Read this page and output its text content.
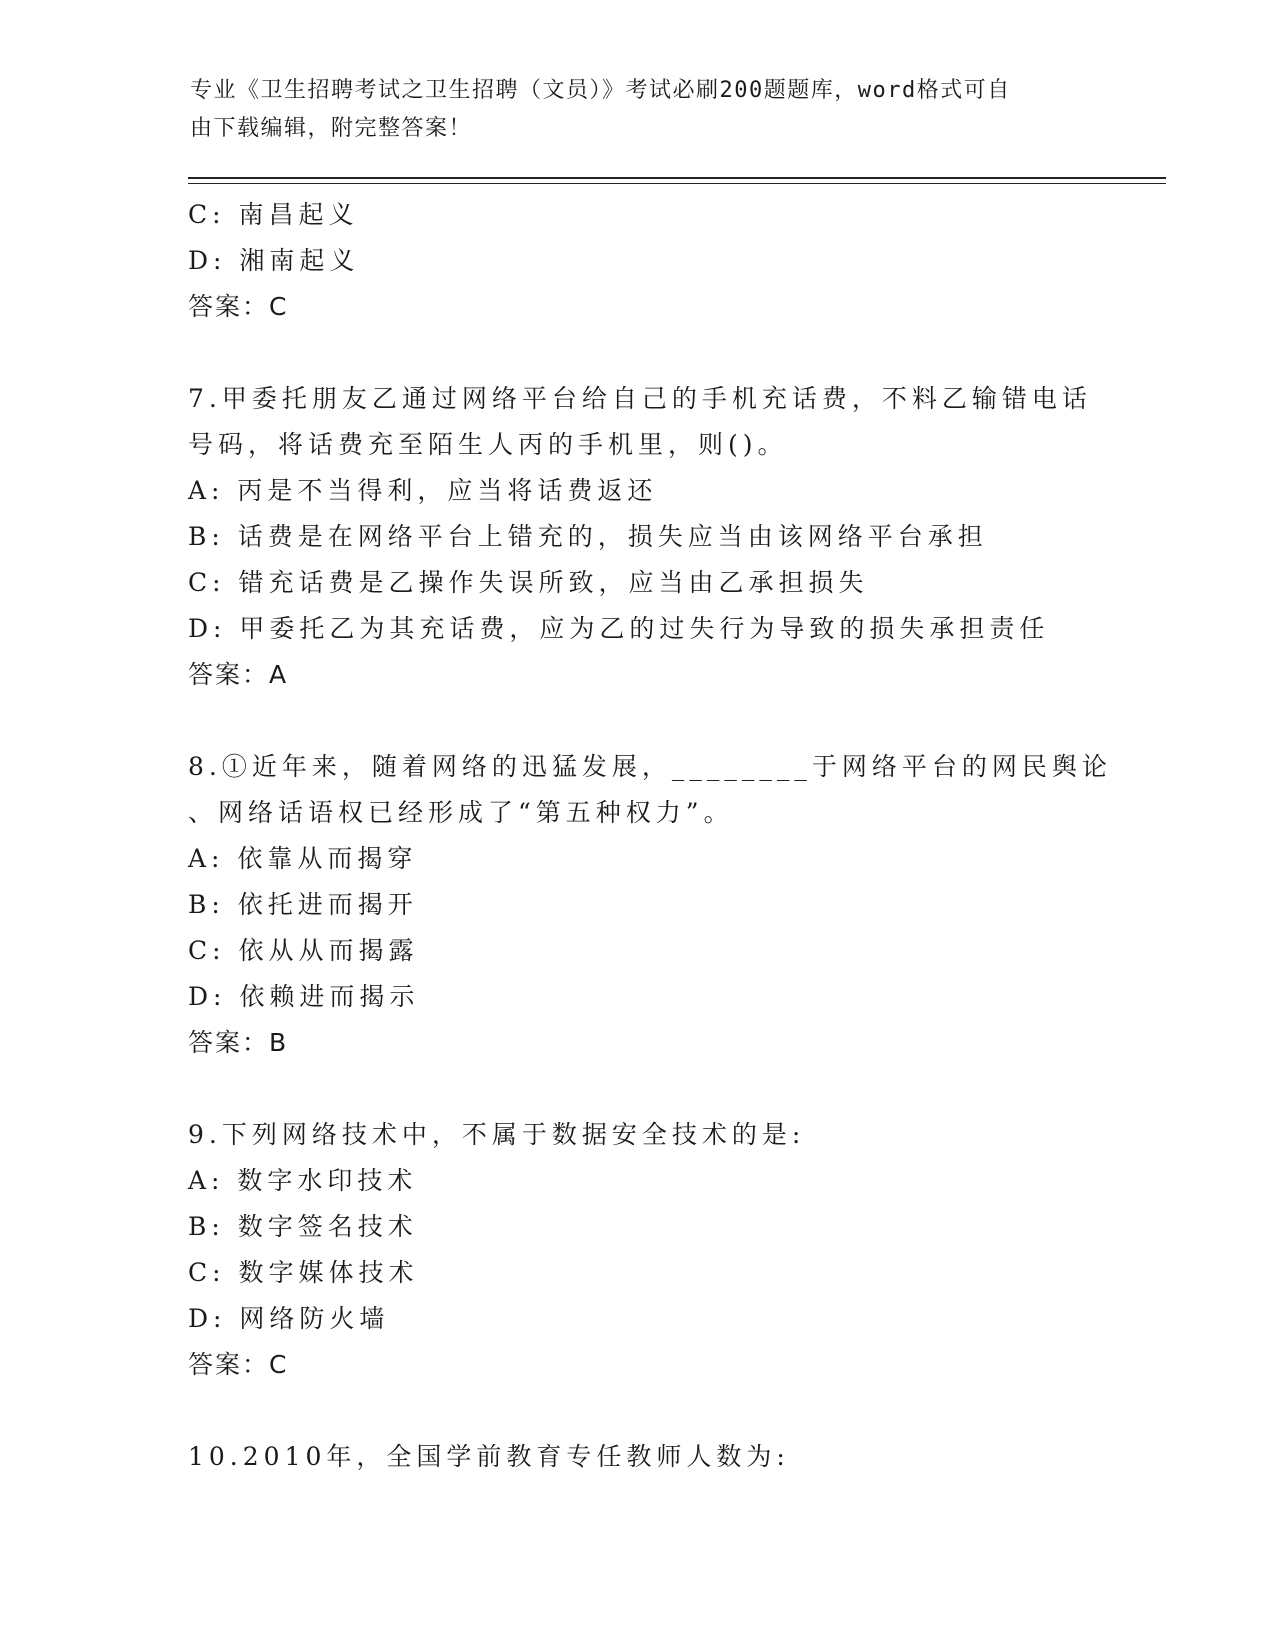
专业《卫生招聘考试之卫生招聘（文员）》考试必刷200题题库，word格式可自
由下载编辑，附完整答案！
C: 南昌起义
D: 湘南起义
答案：C
7.甲委托朋友乙通过网络平台给自己的手机充话费，不料乙输错电话
号码，将话费充至陌生人丙的手机里，则()。
A: 丙是不当得利，应当将话费返还
B: 话费是在网络平台上错充的，损失应当由该网络平台承担
C: 错充话费是乙操作失误所致，应当由乙承担损失
D: 甲委托乙为其充话费，应为乙的过失行为导致的损失承担责任
答案：A
8.①近年来，随着网络的迅猛发展，________于网络平台的网民舆论
、网络话语权已经形成了“第五种权力”。
A: 依靠从而揭穿
B: 依托进而揭开
C: 依从从而揭露
D: 依赖进而揭示
答案：B
9.下列网络技术中，不属于数据安全技术的是:
A: 数字水印技术
B: 数字签名技术
C: 数字媒体技术
D: 网络防火墙
答案：C
10.2010年，全国学前教育专任教师人数为:
